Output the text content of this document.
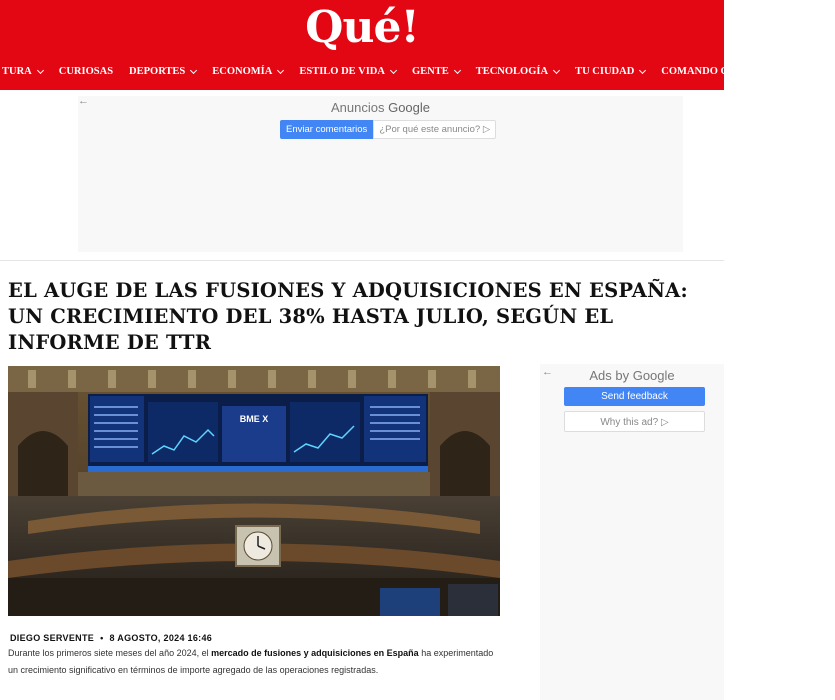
Qué!
TURA	CURIOSAS DEPORTES	ECONOMÍA	ESTILO DE VIDA	GENTE	TECNOLOGÍA	TU CIUDAD	COMANDO G SALIR VÍDEO
←	Anuncios Google
Enviar comentarios	¿Por qué este anuncio? ▷
EL AUGE DE LAS FUSIONES Y ADQUISICIONES EN ESPAÑA: UN CRECIMIENTO DEL 38% HASTA JULIO, SEGÚN EL INFORME DE TTR
BME X
DIEGO SERVENTE • 8 AGOSTO, 2024 16:46

Durante los primeros siete meses del año 2024, el mercado de fusiones y adquisiciones en España ha experimentado un crecimiento significativo en términos de importe agregado de las operaciones registradas.

←	Ads by Google
Send feedback
Why this ad? ▷
